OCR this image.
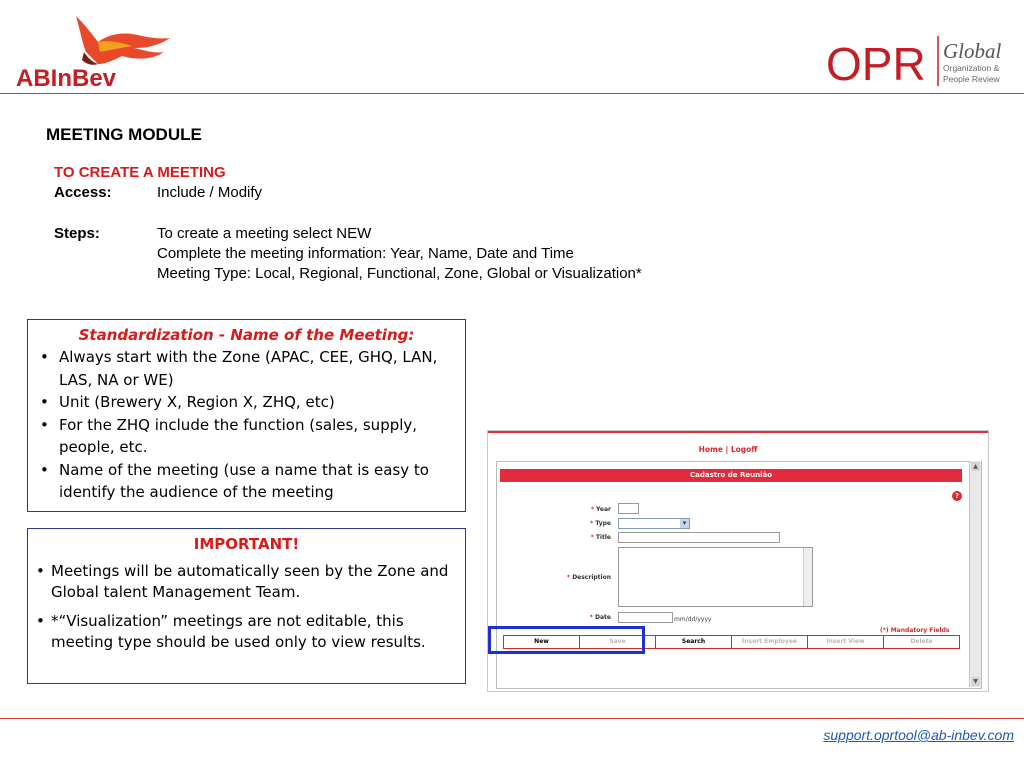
ABInBev	OPR Global
Organization &
People Review
MEETING MODULE
TO CREATE A MEETING
Access:	Include / Modify
Steps:	To create a meeting select NEW
Complete the meeting information: Year, Name, Date and Time
Meeting Type: Local, Regional, Functional, Zone, Global or Visualization*
Standardization - Name of the Meeting:
• Always start with the Zone (APAC, CEE, GHQ, LAN, LAS, NA or WE)
• Unit (Brewery X, Region X, ZHQ, etc)
• For the ZHQ include the function (sales, supply, people, etc.
• Name of the meeting (use a name that is easy to identify the audience of the meeting
IMPORTANT!
• Meetings will be automatically seen by the Zone and Global talent Management Team.
• *“Visualization” meetings are not editable, this meeting type should be used only to view results.
Home | Logoff
▲
▼
Cadastro de Reunião
?
* Year
* Type	▾
* Title
* Description
* Date	mm/dd/yyyy
(*) Mandatory Fields
New	Save	Search	Insert Employee	Insert View	Delete
support.oprtool@ab-inbev.com
